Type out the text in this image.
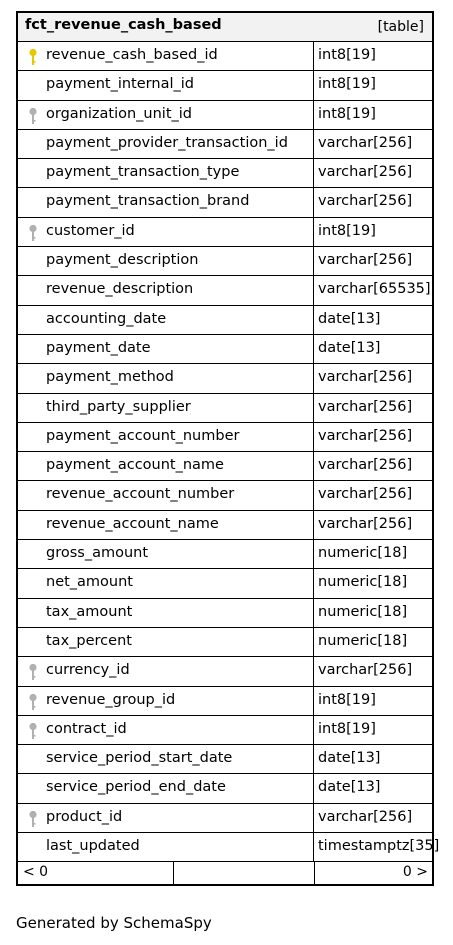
fct_revenue_cash_based	[table]
revenue_cash_based_id	int8[19]
payment_internal_id	int8[19]
organization_unit_id	int8[19]
payment_provider_transaction_id varchar[256]
payment_transaction_type	varchar[256]
payment_transaction_brand	varchar[256]
customer_id	int8[19]
payment_description	varchar[256]
revenue_description	varchar[65535]
accounting_date	date[13]
payment_date	date[13]
payment_method	varchar[256]
third_party_supplier	varchar[256]
payment_account_number	varchar[256]
payment_account_name	varchar[256]
revenue_account_number	varchar[256]
revenue_account_name	varchar[256]
gross_amount	numeric[18]
net_amount	numeric[18]
tax_amount	numeric[18]
tax_percent	numeric[18]
currency_id	varchar[256]
revenue_group_id	int8[19]
contract_id	int8[19]
service_period_start_date	date[13]
service_period_end_date	date[13]
product_id	varchar[256]
last_updated	timestamptz[35]
< 0	0 >
Generated by SchemaSpy
